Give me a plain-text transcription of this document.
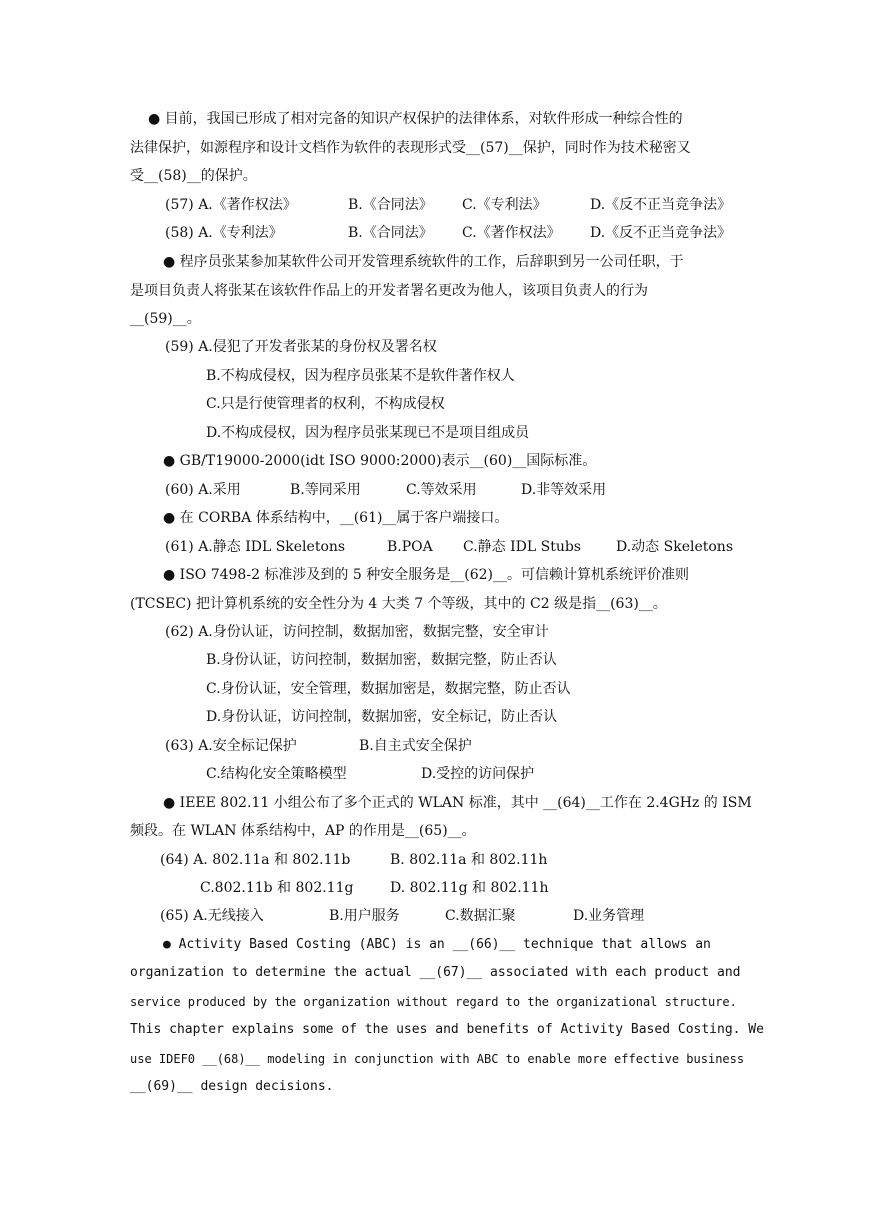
● 目前，我国已形成了相对完备的知识产权保护的法律体系，对软件形成一种综合性的
法律保护，如源程序和设计文档作为软件的表现形式受__(57)__保护，同时作为技术秘密又
受__(58)__的保护。
(57) A.《著作权法》	B.《合同法》 C.《专利法》	D.《反不正当竞争法》
(58) A.《专利法》	B.《合同法》 C.《著作权法》 D.《反不正当竞争法》
● 程序员张某参加某软件公司开发管理系统软件的工作，后辞职到另一公司任职，于
是项目负责人将张某在该软件作品上的开发者署名更改为他人，该项目负责人的行为
__(59)__。
(59) A.侵犯了开发者张某的身份权及署名权
B.不构成侵权，因为程序员张某不是软件著作权人
C.只是行使管理者的权利，不构成侵权
D.不构成侵权，因为程序员张某现已不是项目组成员
● GB/T19000-2000(idt ISO 9000:2000)表示__(60)__国际标准。
(60) A.采用	B.等同采用	C.等效采用	D.非等效采用
● 在 CORBA 体系结构中，__(61)__属于客户端接口。
(61) A.静态 IDL Skeletons	B.POA C.静态 IDL Stubs	D.动态 Skeletons
● ISO 7498-2 标准涉及到的 5 种安全服务是__(62)__。可信赖计算机系统评价准则
(TCSEC) 把计算机系统的安全性分为 4 大类 7 个等级，其中的 C2 级是指__(63)__。
(62) A.身份认证，访问控制，数据加密，数据完整，安全审计
B.身份认证，访问控制，数据加密，数据完整，防止否认
C.身份认证，安全管理，数据加密是，数据完整，防止否认
D.身份认证，访问控制，数据加密，安全标记，防止否认
(63) A.安全标记保护	B.自主式安全保护
C.结构化安全策略模型	D.受控的访问保护
● IEEE 802.11 小组公布了多个正式的 WLAN 标准，其中 __(64)__工作在 2.4GHz 的 ISM
频段。在 WLAN 体系结构中，AP 的作用是__(65)__。
(64) A. 802.11a 和 802.11b	B. 802.11a 和 802.11h
C.802.11b 和 802.11g	D. 802.11g 和 802.11h
(65) A.无线接入	B.用户服务	C.数据汇聚	D.业务管理
● Activity Based Costing (ABC) is an __(66)__ technique that allows an
organization to determine the actual __(67)__ associated with each product and
service produced by the organization without regard to the organizational structure.
This chapter explains some of the uses and benefits of Activity Based Costing. We
use IDEF0 __(68)__ modeling in conjunction with ABC to enable more effective business
__(69)__ design decisions.
